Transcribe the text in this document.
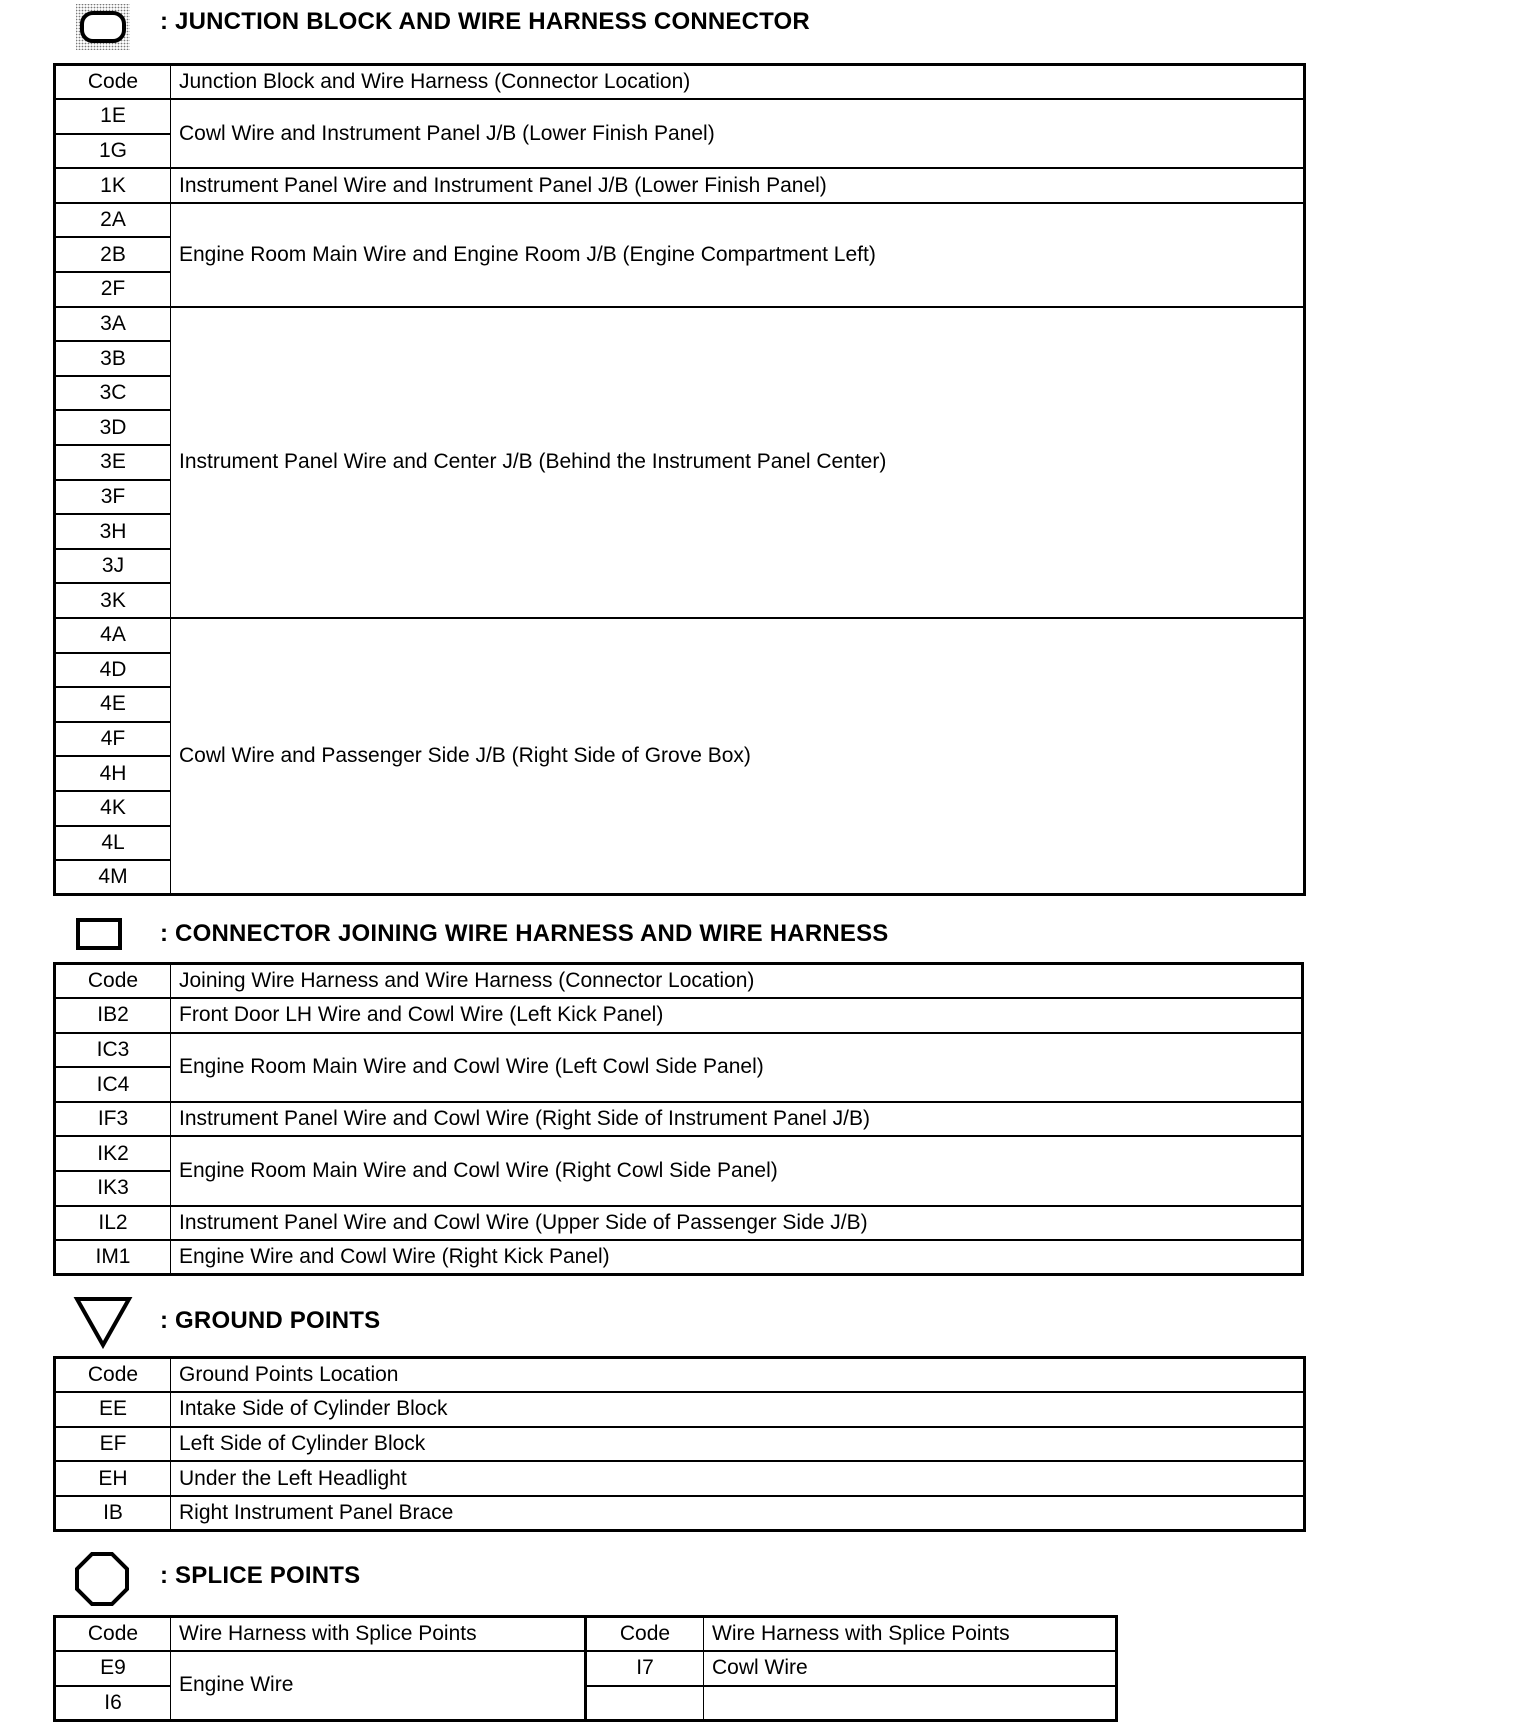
: JUNCTION BLOCK AND WIRE HARNESS CONNECTOR
Code	Junction Block and Wire Harness (Connector Location)
1E	Cowl Wire and Instrument Panel J/B (Lower Finish Panel)
1G	
1K	Instrument Panel Wire and Instrument Panel J/B (Lower Finish Panel)
2A	Engine Room Main Wire and Engine Room J/B (Engine Compartment Left)
2B	
2F	
3A	Instrument Panel Wire and Center J/B (Behind the Instrument Panel Center)
3B	
3C	
3D	
3E	
3F	
3H	
3J	
3K	
4A	Cowl Wire and Passenger Side J/B (Right Side of Grove Box)
4D	
4E	
4F	
4H	
4K	
4L	
4M	
: CONNECTOR JOINING WIRE HARNESS AND WIRE HARNESS
Code	Joining Wire Harness and Wire Harness (Connector Location)
IB2	Front Door LH Wire and Cowl Wire (Left Kick Panel)
IC3	Engine Room Main Wire and Cowl Wire (Left Cowl Side Panel)
IC4	
IF3	Instrument Panel Wire and Cowl Wire (Right Side of Instrument Panel J/B)
IK2	Engine Room Main Wire and Cowl Wire (Right Cowl Side Panel)
IK3	
IL2	Instrument Panel Wire and Cowl Wire (Upper Side of Passenger Side J/B)
IM1	Engine Wire and Cowl Wire (Right Kick Panel)
: GROUND POINTS
Code	Ground Points Location
EE	Intake Side of Cylinder Block
EF	Left Side of Cylinder Block
EH	Under the Left Headlight
IB	Right Instrument Panel Brace
: SPLICE POINTS
Code	Wire Harness with Splice Points	Code	Wire Harness with Splice Points
E9	Engine Wire	I7	Cowl Wire
I6			
